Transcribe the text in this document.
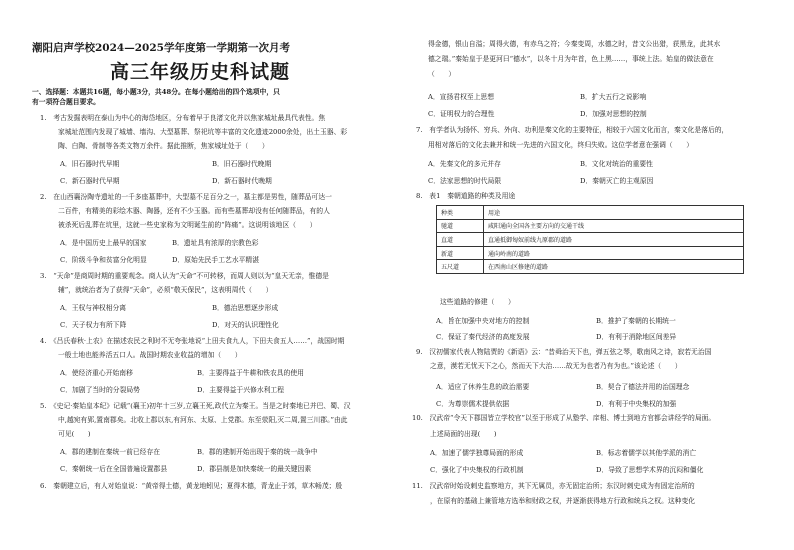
潮阳启声学校2024—2025学年度第一学期第一次月考
高三年级历史科试题
一、选择题：本题共16题，每小题3分，共48分。在每小题给出的四个选项中，只
有一项符合题目要求。
1.　考古发掘表明在泰山为中心的海岱地区，分布着早于良渚文化并以焦家城址最具代表性。焦
家城址范围内发现了城墙、墙沟、大型墓葬、祭祀坑等丰富的文化遗迹2000余处，出土玉器、彩
陶、白陶、骨制等各类文物万余件。据此推断，焦家城址处于（　　）
A．旧石器时代早期	B．旧石器时代晚期
C．新石器时代早期	D．新石器时代晚期
2.　在山西襄汾陶寺遗址的一千多座墓葬中，大型墓不足百分之一，墓主都是男性，随葬品可达一
二百件，有精美的彩绘木器、陶器，还有不少玉器。而有些墓葬却没有任何随葬品，有的人
被杀死后乱葬在坑里，这就一些史家称为文明诞生前的“阵痛”。这说明该地区（　　）
A．是中国历史上最早的国家	B．遗址具有浓厚的宗教色彩
C．阶级斗争和贫富分化明显	D．原始先民手工艺水平精湛
3.　“天命”是商周时期的重要观念。商人认为“天命”不可转移，而周人则以为“皇天无亲，惟德是
辅”，就统治者为了获得“天命”，必须“敬天保民”，这表明周代（　　）
A．王权与神权相分离	B．德治思想逐步形成
C．天子权力有所下降	D．对天的认识理性化
4.　《吕氏春秋·上农》在描述农民之利时不无夸张地说“上田夫食九人，下田夫食五人……”，战国时期
一般土地也能养活五口人。战国时期农业收益的增加（　　）
A．使经济重心开始南移	B．主要得益于牛耕和铁农具的使用
C．加剧了当时的分裂局势	D．主要得益于兴修水利工程
5.　《史记·秦始皇本纪》记载“(襄王)初年十三岁,立襄王死,政代立为秦王。当是之时秦地已并巴、蜀、汉
中,越宛有郢,置南郡矣。北收上郡以东,有河东、太原、上党郡。东至荥阳,灭二周,置三川郡。”由此
可见(　　)
A．郡的建制在秦统一前已经存在	B．郡的建制开始出现于秦的统一战争中
C．秦朝统一后在全国普遍设置郡县	D．郡县制是加快秦统一的最关键因素
6.　秦朝建立后，有人对始皇说：“黄帝得土德，黄龙地蚓见；夏得木德，青龙止于郊，草木畅茂；殷
得金德，银山自溢；周得火德，有赤乌之符；今秦变周，水德之时，昔文公出猎，获黑龙，此其水
德之瑞。”秦始皇于是更河曰“德水”，以冬十月为年首，色上黑……，事统上法。始皇的做法意在
（　　）
A．宣扬君权至上思想	B．扩大五行之说影响
C．证明权力的合理性	D．加强对思想的控制
7.　有学者认为扬怀、穷兵、外向、功利是秦文化的主要特征，相较于六国文化而言，秦文化是落后的，
用相对落后的文化去兼并和统一先进的六国文化，终归失败。这位学者意在强调（　　）
A．先秦文化的多元并存	B．文化对统治的重要性
C．法家思想的时代局限	D．秦朝灭亡的主观原因
8.　表1　秦朝道路的种类及用途
种类	用途
驰道	咸阳通向全国各主要方向的交通干线
直道	直通抵御匈奴前线九原郡的道路
新道	通向岭南的道路
五尺道	在西南山区修建的道路
这些道路的修建（　　）
A．旨在加强中央对地方的控制	B．推护了秦朝的长期统一
C．保证了秦代经济的高度发展	D．有利于消除地区间差异
9.　汉初儒家代表人物陆贾的《新语》云：“昔舜治天下也，弹五弦之琴，歌南风之诗，寂若无治国
之意，漠若无忧天下之心，然而天下大治……故无为也者乃有为也。”该论述（　　）
A．适应了休养生息的政治需要	B．契合了德法并用的治国理念
C．为尊崇儒术提供依据	D．有利于中央集权的加强
10.　汉武帝“令天下郡国皆立学校官”以至于形成了从塾学、庠相、博士到地方官都会讲经学的局面。
上述局面的出现(　　)
A．加速了儒学独尊局面的形成	B．标志着儒学以其他学派的消亡
C．强化了中央集权的行政机制	D．导致了思想学术界的沉闷和僵化
11.　汉武帝时始设刺史监察地方，其下无属员，亦无固定治所；东汉时刺史成为有固定治所的
，在原有的基础上兼管地方选举和财政之权，并逐渐获得地方行政和统兵之权。这种变化
